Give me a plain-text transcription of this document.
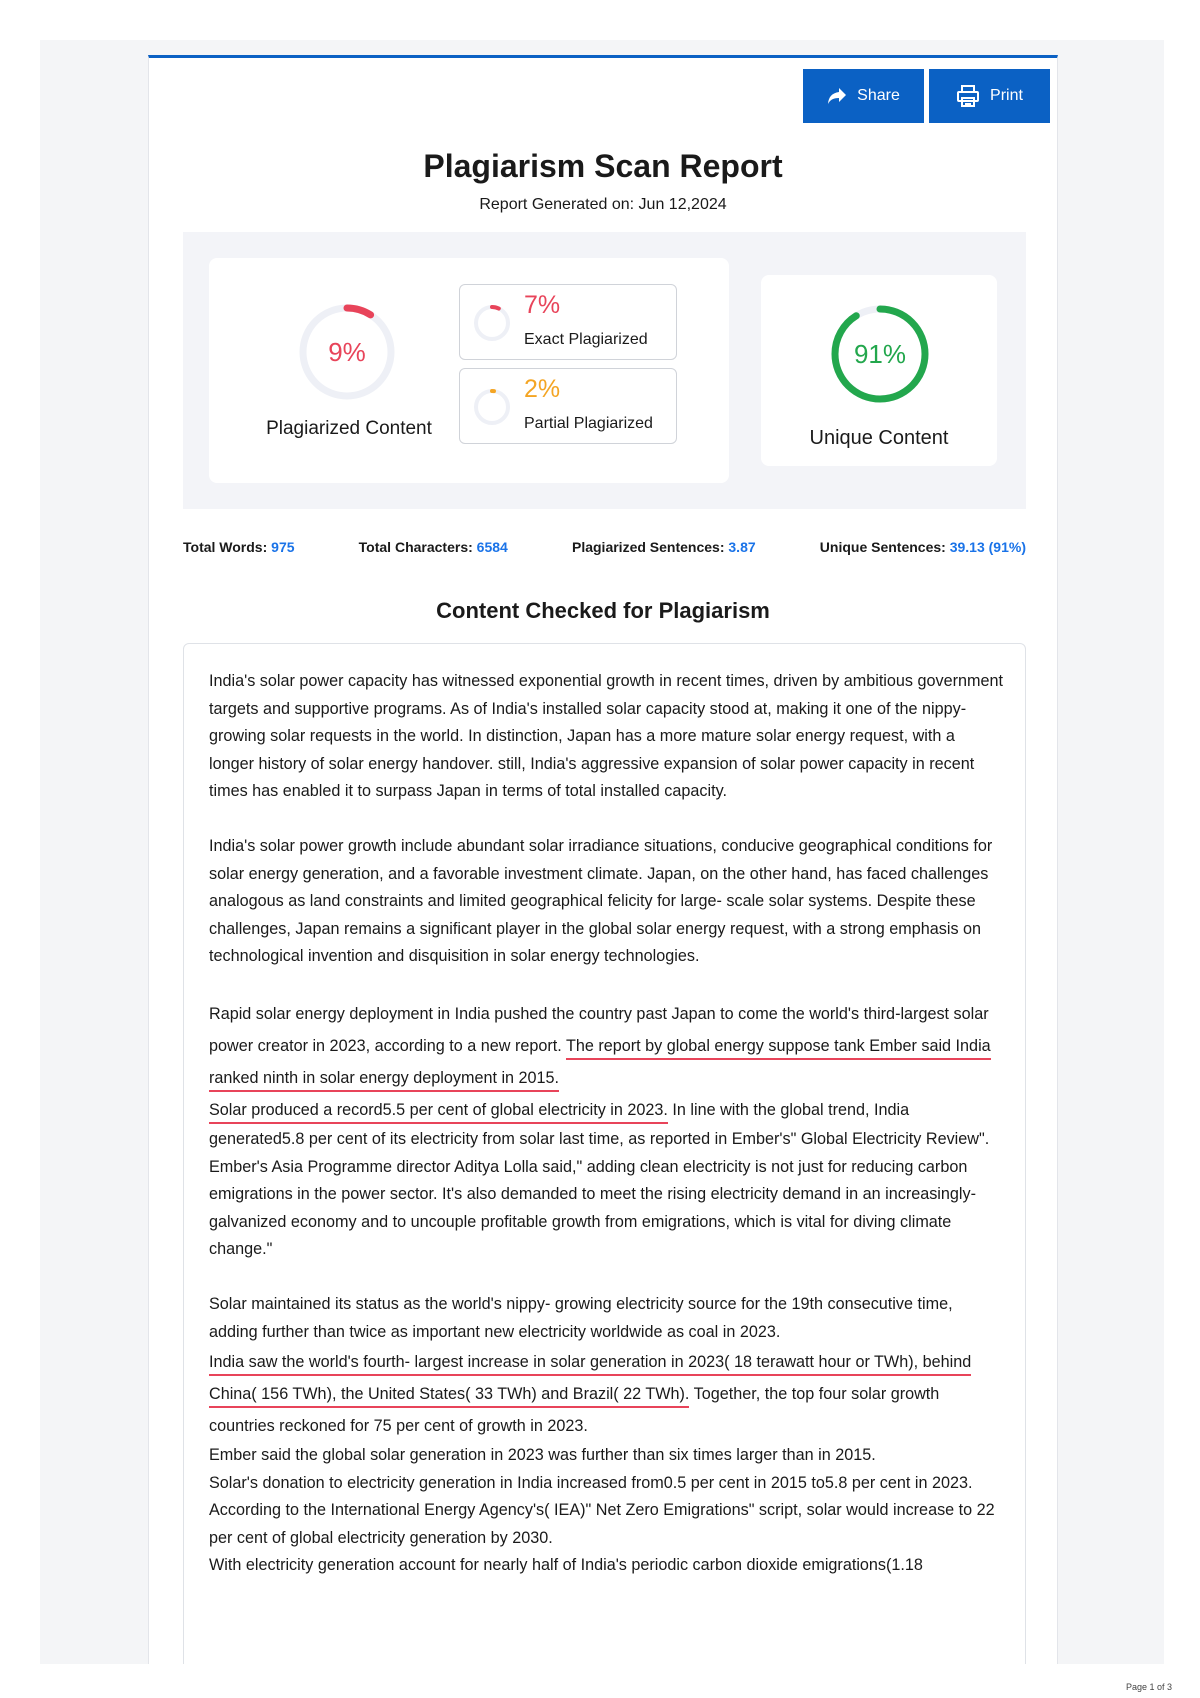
Share	Print
Plagiarism Scan Report
Report Generated on: Jun 12,2024
9%
Plagiarized Content
7%
Exact Plagiarized
2%
Partial Plagiarized
91%
Unique Content
Total Words: 975	Total Characters: 6584	Plagiarized Sentences: 3.87	Unique Sentences: 39.13 (91%)
Content Checked for Plagiarism

India's solar power capacity has witnessed exponential growth in recent times, driven by ambitious government targets and supportive programs. As of India's installed solar capacity stood at, making it one of the nippy- growing solar requests in the world. In distinction, Japan has a more mature solar energy request, with a longer history of solar energy handover. still, India's aggressive expansion of solar power capacity in recent times has enabled it to surpass Japan in terms of total installed capacity.

India's solar power growth include abundant solar irradiance situations, conducive geographical conditions for solar energy generation, and a favorable investment climate. Japan, on the other hand, has faced challenges analogous as land constraints and limited geographical felicity for large- scale solar systems. Despite these challenges, Japan remains a significant player in the global solar energy request, with a strong emphasis on technological invention and disquisition in solar energy technologies.

Rapid solar energy deployment in India pushed the country past Japan to come the world's third-largest solar power creator in 2023, according to a new report. The report by global energy suppose tank Ember said India ranked ninth in solar energy deployment in 2015.

Solar produced a record5.5 per cent of global electricity in 2023. In line with the global trend, India generated5.8 per cent of its electricity from solar last time, as reported in Ember's" Global Electricity Review".

Ember's Asia Programme director Aditya Lolla said," adding clean electricity is not just for reducing carbon emigrations in the power sector. It's also demanded to meet the rising electricity demand in an increasingly- galvanized economy and to uncouple profitable growth from emigrations, which is vital for diving climate change."

Solar maintained its status as the world's nippy- growing electricity source for the 19th consecutive time, adding further than twice as important new electricity worldwide as coal in 2023.

India saw the world's fourth- largest increase in solar generation in 2023( 18 terawatt hour or TWh), behind China( 156 TWh), the United States( 33 TWh) and Brazil( 22 TWh). Together, the top four solar growth countries reckoned for 75 per cent of growth in 2023.

Ember said the global solar generation in 2023 was further than six times larger than in 2015.

Solar's donation to electricity generation in India increased from0.5 per cent in 2015 to5.8 per cent in 2023.

According to the International Energy Agency's( IEA)" Net Zero Emigrations" script, solar would increase to 22 per cent of global electricity generation by 2030.

With electricity generation account for nearly half of India's periodic carbon dioxide emigrations(1.18

Page 1 of 3
